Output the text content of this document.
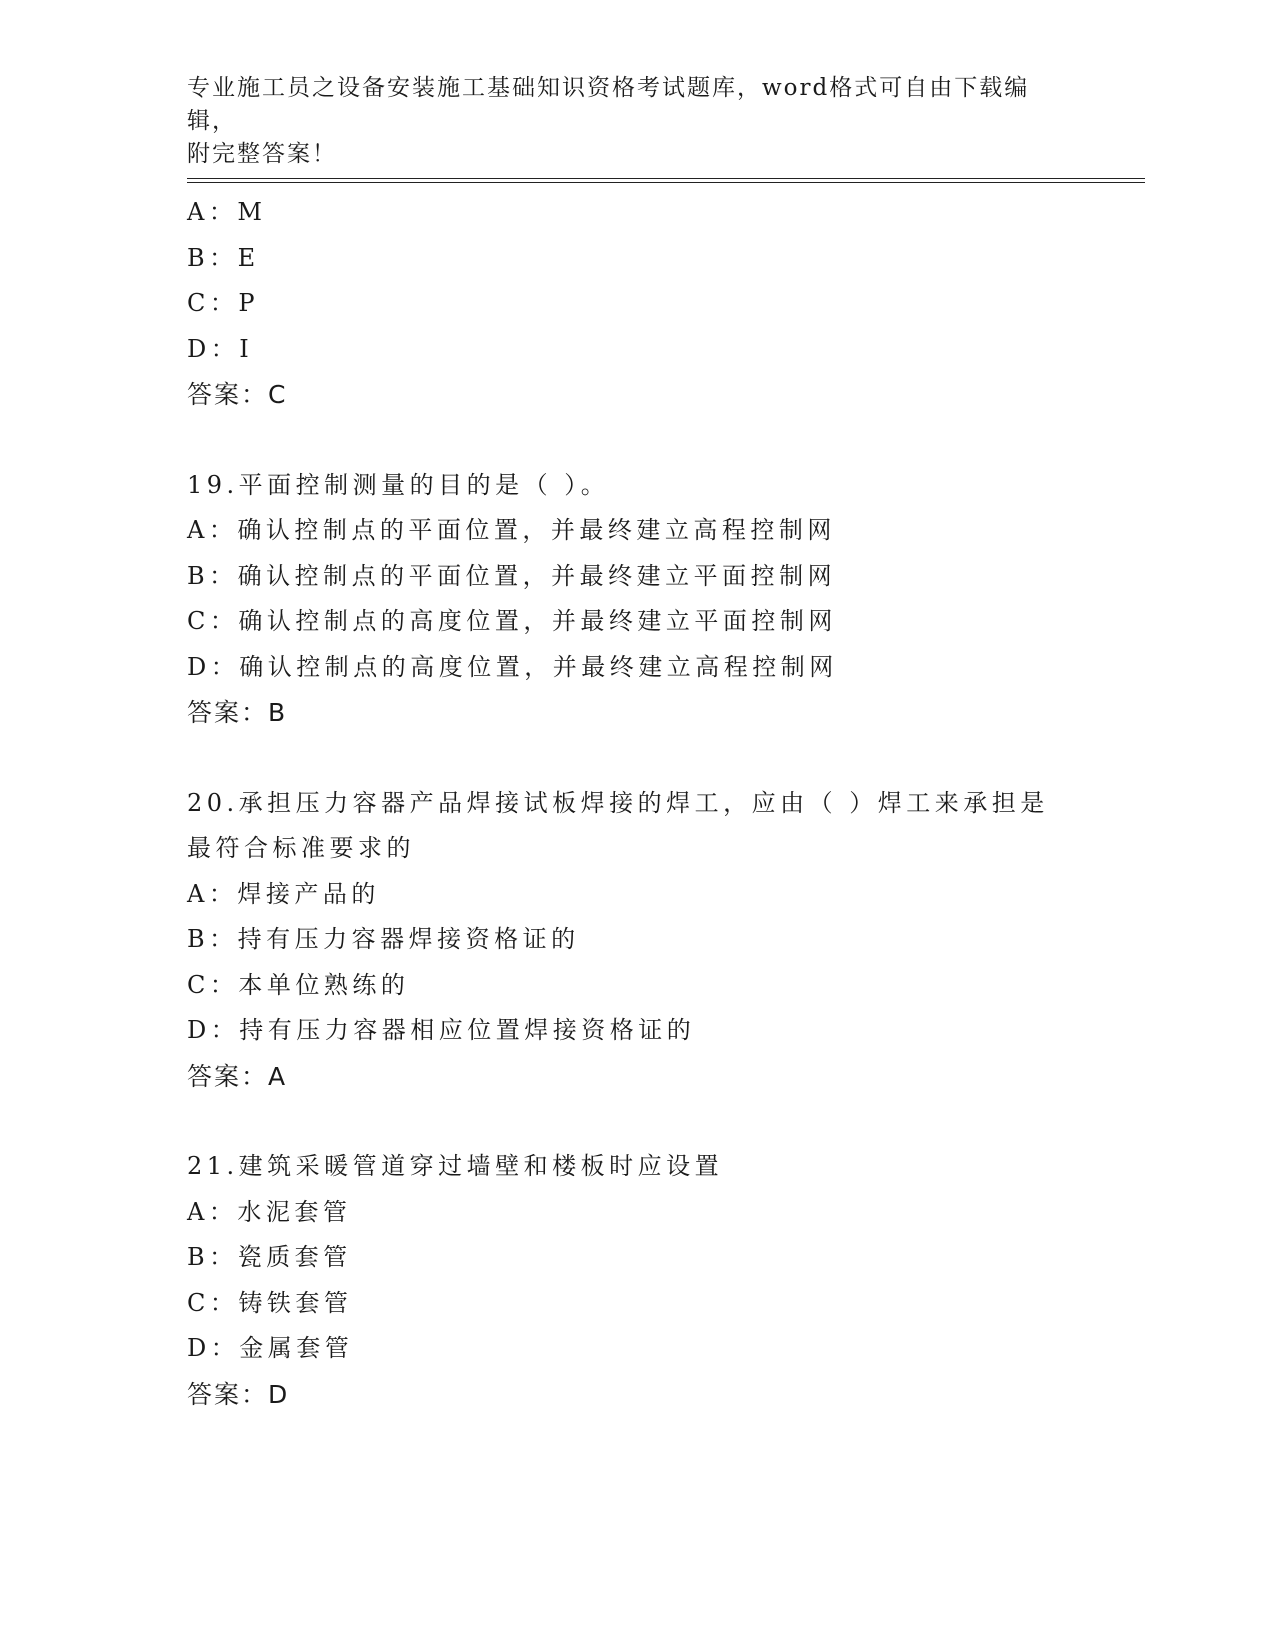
专业施工员之设备安装施工基础知识资格考试题库，word格式可自由下载编辑，
附完整答案！
A：M
B：E
C：P
D：I
答案：C
19.平面控制测量的目的是（ ）。
A：确认控制点的平面位置，并最终建立高程控制网
B：确认控制点的平面位置，并最终建立平面控制网
C：确认控制点的高度位置，并最终建立平面控制网
D：确认控制点的高度位置，并最终建立高程控制网
答案：B
20.承担压力容器产品焊接试板焊接的焊工，应由（ ）焊工来承担是
最符合标准要求的
A：焊接产品的
B：持有压力容器焊接资格证的
C：本单位熟练的
D：持有压力容器相应位置焊接资格证的
答案：A
21.建筑采暖管道穿过墙壁和楼板时应设置
A：水泥套管
B：瓷质套管
C：铸铁套管
D：金属套管
答案：D
